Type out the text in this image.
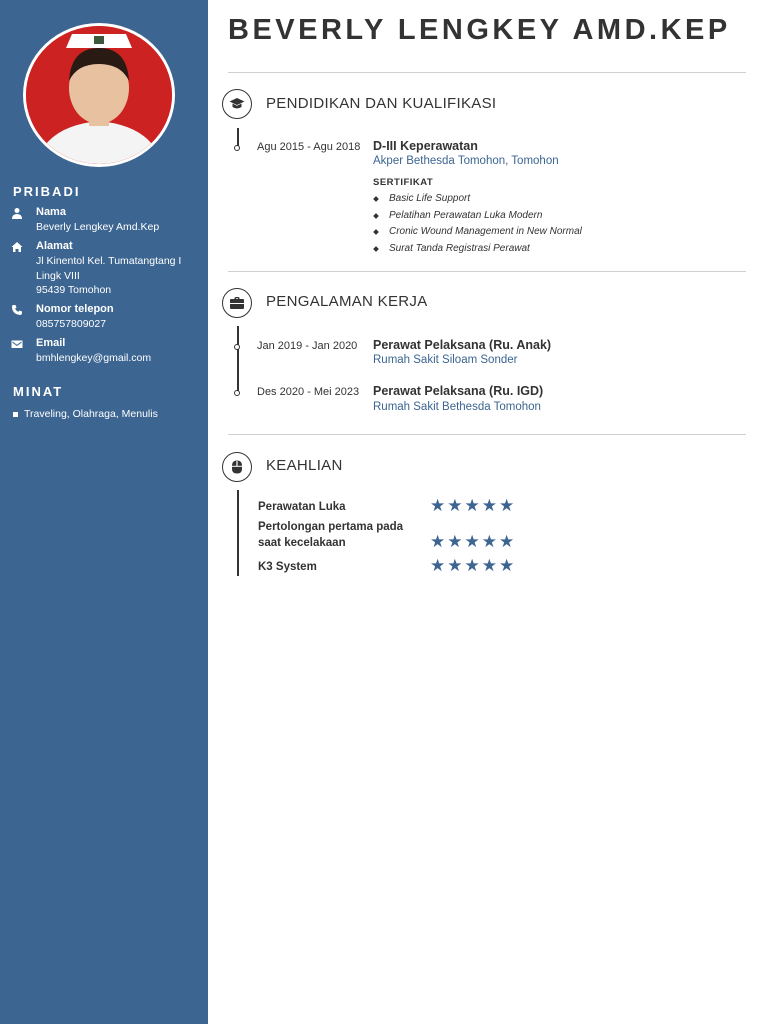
PRIBADI
Nama
Beverly Lengkey Amd.Kep
Alamat
Jl Kinentol Kel. Tumatangtang I
Lingk VIII
95439 Tomohon
Nomor telepon
085757809027
Email
bmhlengkey@gmail.com
MINAT
Traveling, Olahraga, Menulis
BEVERLY LENGKEY AMD.KEP
PENDIDIKAN DAN KUALIFIKASI
Agu 2015 - Agu 2018 D-III Keperawatan
Akper Bethesda Tomohon, Tomohon
SERTIFIKAT
Basic Life Support
Pelatihan Perawatan Luka Modern
Cronic Wound Management in New Normal
Surat Tanda Registrasi Perawat
PENGALAMAN KERJA
Jan 2019 - Jan 2020 Perawat Pelaksana (Ru. Anak)
Rumah Sakit Siloam Sonder
Des 2020 - Mei 2023 Perawat Pelaksana (Ru. IGD)
Rumah Sakit Bethesda Tomohon
KEAHLIAN
Perawatan Luka	★★★★★
Pertolongan pertama pada saat kecelakaan	★★★★★
K3 System	★★★★★
